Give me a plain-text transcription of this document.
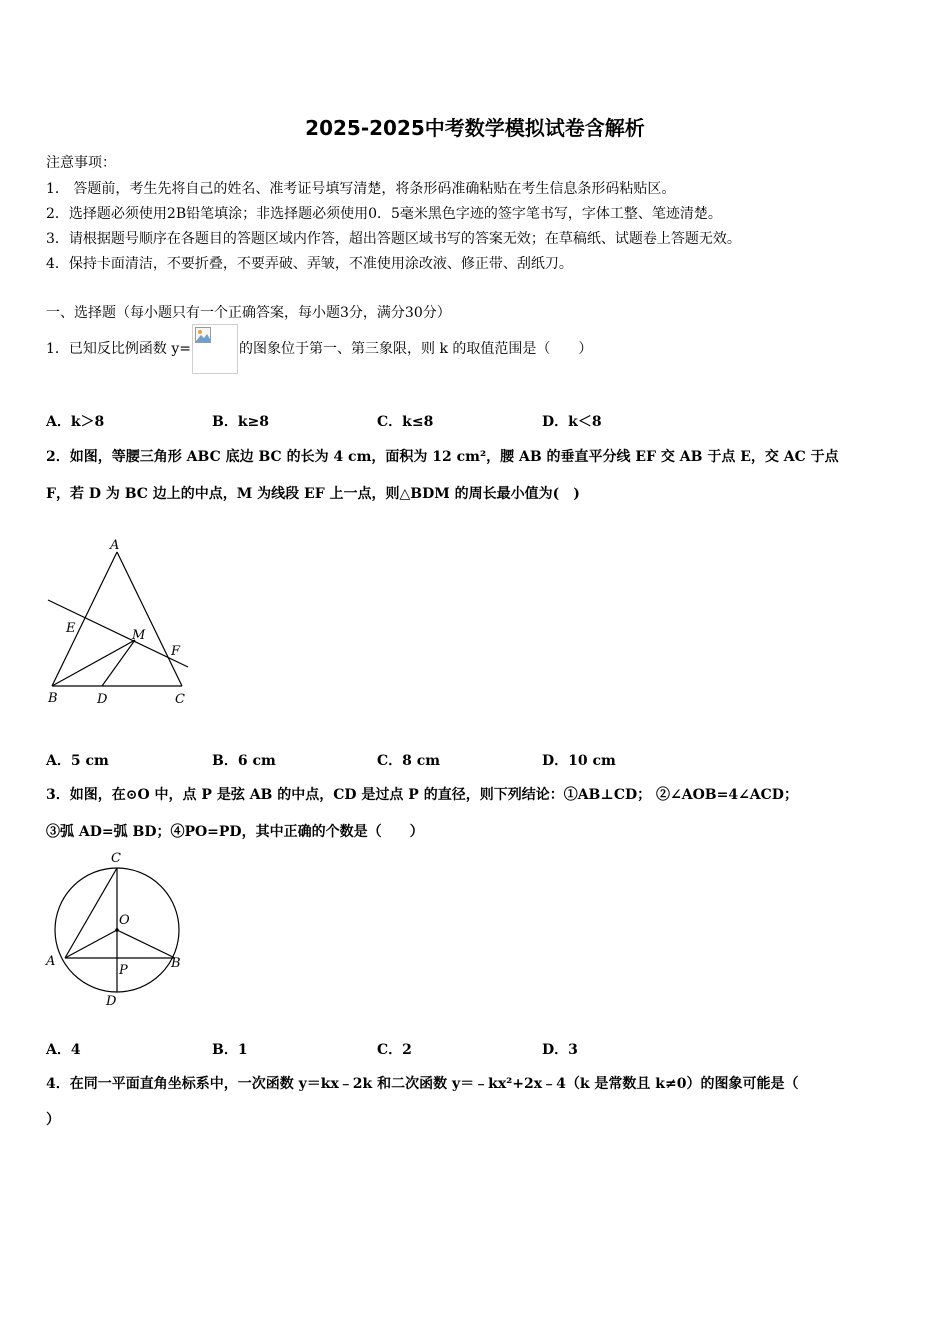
2025-2025中考数学模拟试卷含解析
注意事项：
1． 答题前，考生先将自己的姓名、准考证号填写清楚，将条形码准确粘贴在考生信息条形码粘贴区。
2．选择题必须使用2B铅笔填涂；非选择题必须使用0．5毫米黑色字迹的签字笔书写，字体工整、笔迹清楚。
3．请根据题号顺序在各题目的答题区域内作答，超出答题区域书写的答案无效；在草稿纸、试题卷上答题无效。
4．保持卡面清洁，不要折叠，不要弄破、弄皱，不准使用涂改液、修正带、刮纸刀。
一、选择题（每小题只有一个正确答案，每小题3分，满分30分）
1．已知反比例函数 y=	的图象位于第一、第三象限，则 k 的取值范围是（　　）
A．k＞8	B．k≥8	C．k≤8	D．k＜8
2．如图，等腰三角形 ABC 底边 BC 的长为 4 cm，面积为 12 cm²，腰 AB 的垂直平分线 EF 交 AB 于点 E，交 AC 于点
F，若 D 为 BC 边上的中点，M 为线段 EF 上一点，则△BDM 的周长最小值为(　)
A
E	M
F
B	D	C
A．5 cm	B．6 cm	C．8 cm	D．10 cm
3．如图，在⊙O 中，点 P 是弦 AB 的中点，CD 是过点 P 的直径，则下列结论：①AB⊥CD； ②∠AOB=4∠ACD；
③弧 AD=弧 BD；④PO=PD，其中正确的个数是（　　）
C
O
A	B
P
D
A．4	B．1	C．2	D．3
4．在同一平面直角坐标系中，一次函数 y＝kx﹣2k 和二次函数 y＝﹣kx²+2x﹣4（k 是常数且 k≠0）的图象可能是（
）
